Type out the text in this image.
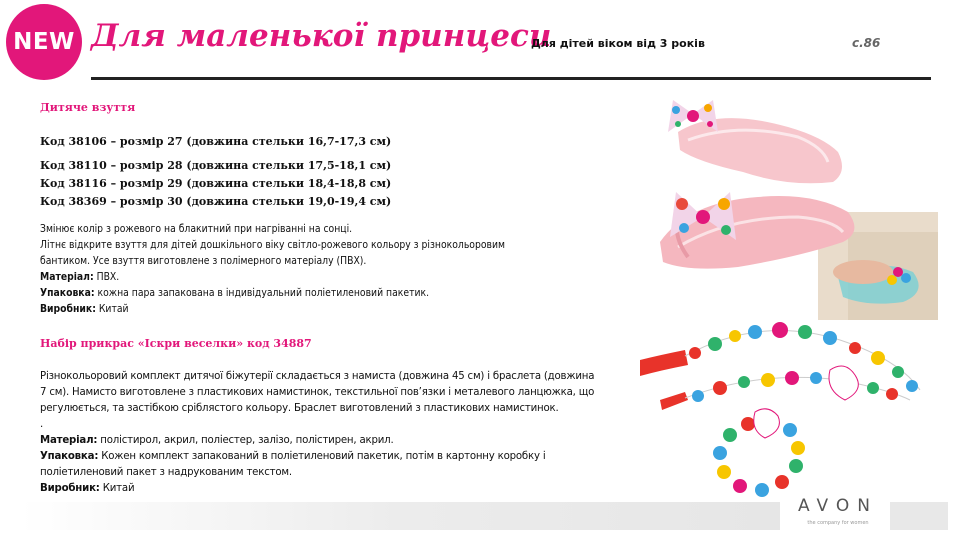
NEW Для маленької принцеси
Для дітей віком від 3 років	с.86
Дитяче взуття
Код 38106 – розмір 27 (довжина стельки 16,7-17,3 см)
Код 38110 – розмір 28 (довжина стельки 17,5-18,1 см)
Код 38116 – розмір 29 (довжина стельки 18,4-18,8 см)
Код 38369 – розмір 30 (довжина стельки 19,0-19,4 см)
Змінює колір з рожевого на блакитний при нагріванні на сонці.
Літнє відкрите взуття для дітей дошкільного віку світло-рожевого кольору з різнокольоровим
бантиком. Усе взуття виготовлене з полімерного матеріалу (ПВХ).
Матеріал: ПВХ.
Упаковка: кожна пара запакована в індивідуальний поліетиленовий пакетик.
Виробник: Китай
Набір прикрас «Іскри веселки» код 34887
Різнокольоровий комплект дитячої біжутерії складається з намиста (довжина 45 см) і браслета (довжина
7 см). Намисто виготовлене з пластикових намистинок, текстильної пов’язки і металевого ланцюжка, що
регулюється, та застібкою сріблястого кольору. Браслет виготовлений з пластикових намистинок.
.
Матеріал: полістирол, акрил, поліестер, залізо, полістирен, акрил.
Упаковка: Кожен комплект запакований в поліетиленовий пакетик, потім в картонну коробку і
поліетиленовий пакет з надрукованим текстом.
Виробник: Китай
AVON
the company for women
